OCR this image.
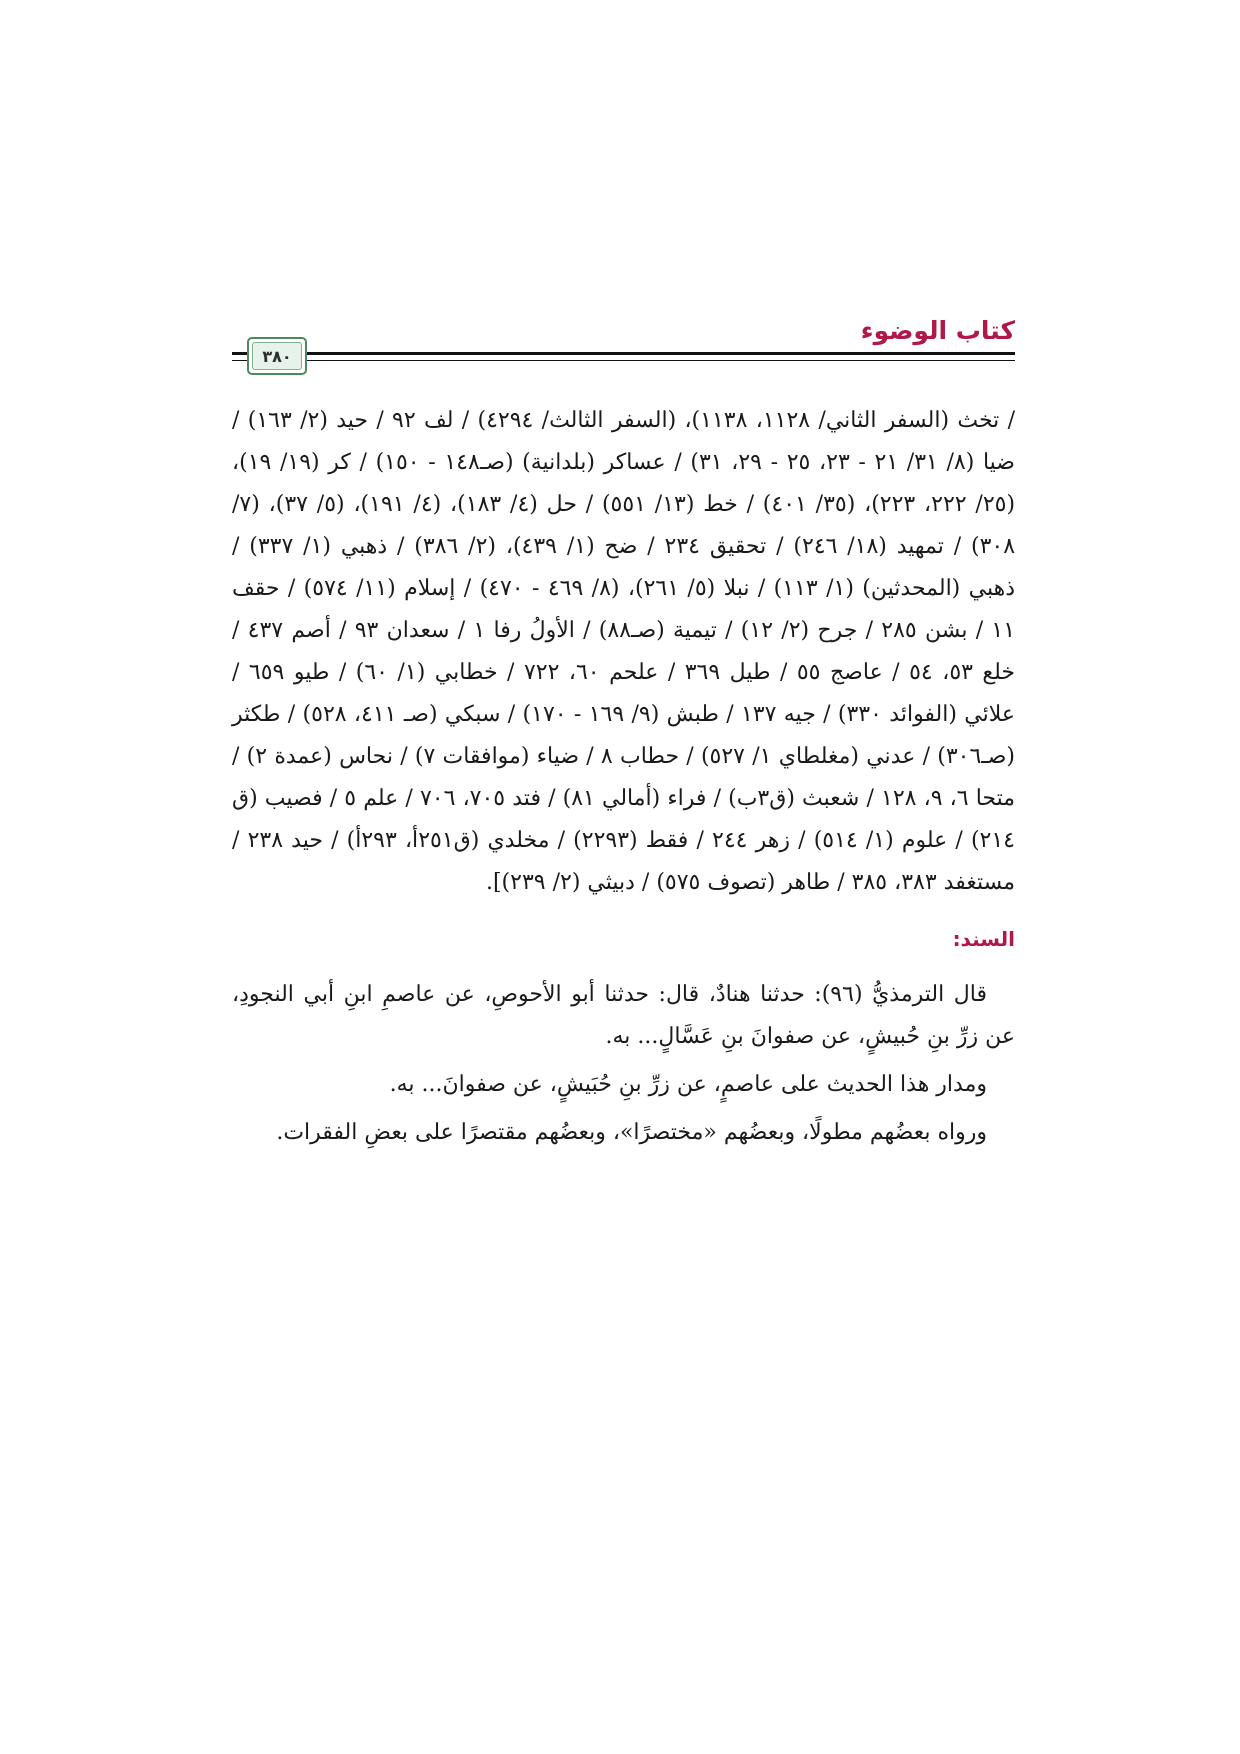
كتاب الوضوء
٣٨٠

/ تخث (السفر الثاني/ ١١٢٨، ١١٣٨)، (السفر الثالث/ ٤٢٩٤) / لف ٩٢ / حيد (٢/ ١٦٣) / ضيا (٨/ ٣١/ ٢١ - ٢٣، ٢٥ - ٢٩، ٣١) / عساكر (بلدانية) (صـ١٤٨ - ١٥٠) / كر (١٩/ ١٩)، (٢٥/ ٢٢٢، ٢٢٣)، (٣٥/ ٤٠١) / خط (١٣/ ٥٥١) / حل (٤/ ١٨٣)، (٤/ ١٩١)، (٥/ ٣٧)، (٧/ ٣٠٨) / تمهيد (١٨/ ٢٤٦) / تحقيق ٢٣٤ / ضح (١/ ٤٣٩)، (٢/ ٣٨٦) / ذهبي (١/ ٣٣٧) / ذهبي (المحدثين) (١/ ١١٣) / نبلا (٥/ ٢٦١)، (٨/ ٤٦٩ - ٤٧٠) / إسلام (١١/ ٥٧٤) / حقف ١١ / بشن ٢٨٥ / جرح (٢/ ١٢) / تيمية (صـ٨٨) / الأولُ رفا ١ / سعدان ٩٣ / أصم ٤٣٧ / خلع ٥٣، ٥٤ / عاصج ٥٥ / طيل ٣٦٩ / علحم ٦٠، ٧٢٢ / خطابي (١/ ٦٠) / طيو ٦٥٩ / علائي (الفوائد ٣٣٠) / جيه ١٣٧ / طبش (٩/ ١٦٩ - ١٧٠) / سبكي (صـ ٤١١، ٥٢٨) / طكثر (صـ٣٠٦) / عدني (مغلطاي ١/ ٥٢٧) / حطاب ٨ / ضياء (موافقات ٧) / نحاس (عمدة ٢) / متحا ٦، ٩، ١٢٨ / شعبث (ق٣ب) / فراء (أمالي ٨١) / فتد ٧٠٥، ٧٠٦ / علم ٥ / فصيب (ق ٢١٤) / علوم (١/ ٥١٤) / زهر ٢٤٤ / فقط (٢٢٩٣) / مخلدي (ق٢٥١أ، ٢٩٣أ) / حيد ٢٣٨ / مستغفد ٣٨٣، ٣٨٥ / طاهر (تصوف ٥٧٥) / دبيثي (٢/ ٢٣٩)].

السند:

قال الترمذيُّ (٩٦): حدثنا هنادٌ، قال: حدثنا أبو الأحوصِ، عن عاصمِ ابنِ أبي النجودِ، عن زرِّ بنِ حُبيشٍ، عن صفوانَ بنِ عَسَّالٍ... به.

ومدار هذا الحديث على عاصمٍ، عن زرِّ بنِ حُبَيشٍ، عن صفوانَ... به.

ورواه بعضُهم مطولًا، وبعضُهم «مختصرًا»، وبعضُهم مقتصرًا على بعضِ الفقرات.
